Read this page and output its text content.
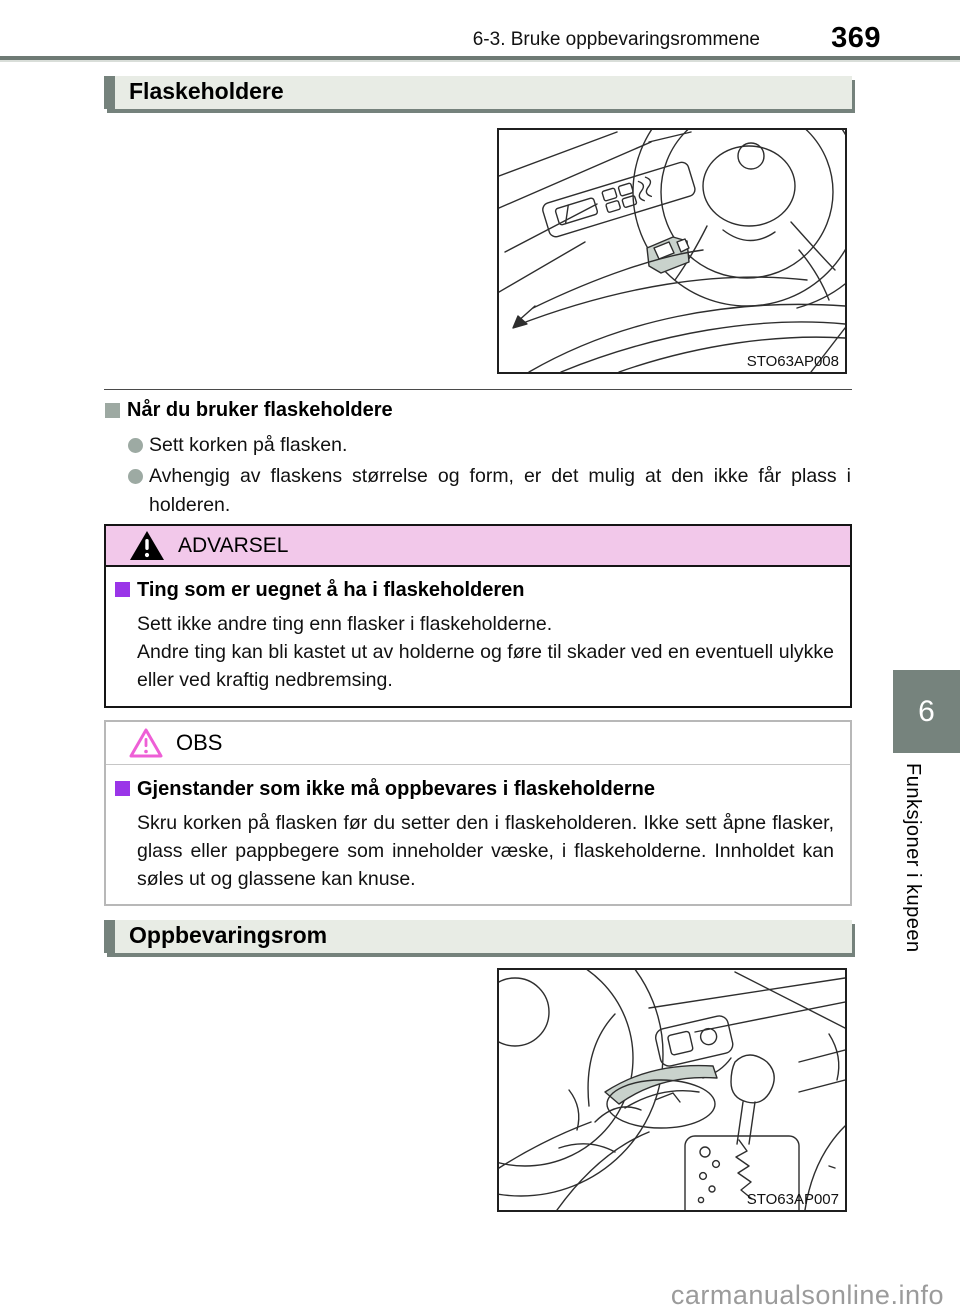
6-3. Bruke oppbevaringsrommene 369
Flaskeholdere
STO63AP008
Når du bruker flaskeholdere
Sett korken på flasken.
Avhengig av flaskens størrelse og form, er det mulig at den ikke får plass i holderen.
ADVARSEL
Ting som er uegnet å ha i flaskeholderen

Sett ikke andre ting enn flasker i flaskeholderne.

Andre ting kan bli kastet ut av holderne og føre til skader ved en eventuell ulykke eller ved kraftig nedbremsing.

OBS
Gjenstander som ikke må oppbevares i flaskeholderne

Skru korken på flasken før du setter den i flaskeholderen. Ikke sett åpne flasker, glass eller pappbegere som inneholder væske, i flaskeholderne. Innholdet kan søles ut og glassene kan knuse.

Oppbevaringsrom
STO63AP007
6
Funksjoner i kupeen
carmanualsonline.info
